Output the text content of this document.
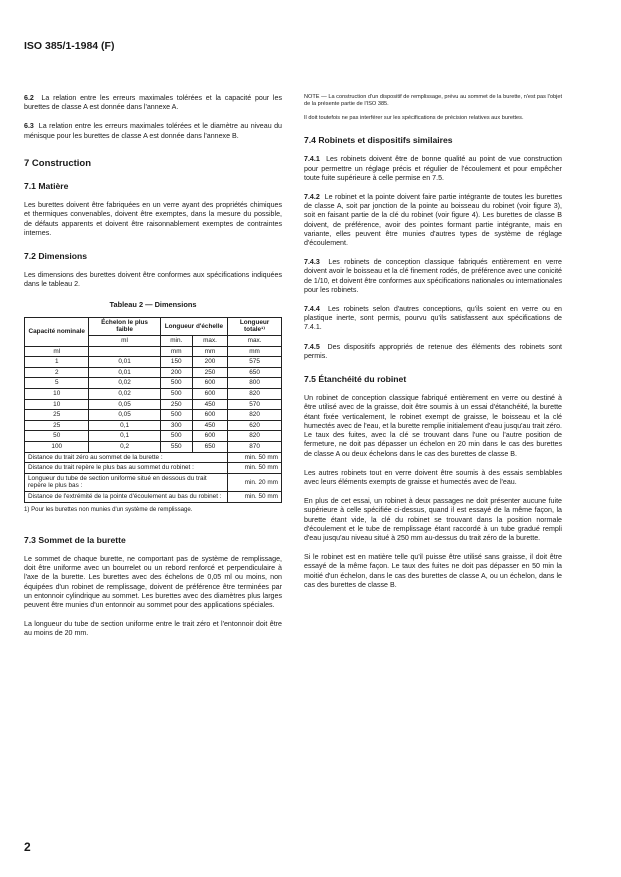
ISO 385/1-1984 (F)

6.2 La relation entre les erreurs maximales tolérées et la capacité pour les burettes de classe A est donnée dans l'annexe A.

6.3 La relation entre les erreurs maximales tolérées et le diamètre au niveau du ménisque pour les burettes de classe A est donnée dans l'annexe B.

7 Construction
7.1 Matière

Les burettes doivent être fabriquées en un verre ayant des propriétés chimiques et thermiques convenables, doivent être exemptes, dans la mesure du possible, de défauts apparents et doivent être raisonnablement exemptes de contraintes internes.

7.2 Dimensions

Les dimensions des burettes doivent être conformes aux spécifications indiquées dans le tableau 2.

Tableau 2 — Dimensions
Capacité nominale	Échelon le plus faible	Longueur d'échelle		Longueur totale¹⁾
	ml	min.	max.	max.
ml		mm	mm	mm
1	0,01	150	200	575
2	0,01	200	250	650
5	0,02	500	600	800
10	0,02	500	600	820
10	0,05	250	450	570
25	0,05	500	600	820
25	0,1	300	450	620
50	0,1	500	600	820
100	0,2	550	650	870
Distance du trait zéro au sommet de la burette :				min. 50 mm
Distance du trait repère le plus bas au sommet du robinet :				min. 50 mm
Longueur du tube de section uniforme situé en dessous du trait repère le plus bas :				min. 20 mm
Distance de l'extrémité de la pointe d'écoulement au bas du robinet :				min. 50 mm
1) Pour les burettes non munies d'un système de remplissage.
7.3 Sommet de la burette

Le sommet de chaque burette, ne comportant pas de système de remplissage, doit être uniforme avec un bourrelet ou un rebord renforcé et perpendiculaire à l'axe de la burette. Les burettes avec des échelons de 0,05 ml ou moins, non équipées d'un robinet de remplissage, doivent de préférence être terminées par un entonnoir cylindrique au sommet. Les burettes avec des diamètres plus larges peuvent être munies d'un entonnoir au sommet pour des applications spéciales.

La longueur du tube de section uniforme entre le trait zéro et l'entonnoir doit être au moins de 20 mm.

NOTE — La construction d'un dispositif de remplissage, prévu au sommet de la burette, n'est pas l'objet de la présente partie de l'ISO 385.
Il doit toutefois ne pas interférer sur les spécifications de précision relatives aux burettes.
7.4 Robinets et dispositifs similaires

7.4.1 Les robinets doivent être de bonne qualité au point de vue construction pour permettre un réglage précis et régulier de l'écoulement et pour empêcher toute fuite supérieure à celle permise en 7.5.

7.4.2 Le robinet et la pointe doivent faire partie intégrante de toutes les burettes de classe A, soit par jonction de la pointe au boisseau du robinet (voir figure 3), soit en faisant partie de la clé du robinet (voir figure 4). Les burettes de classe B doivent, de préférence, avoir des pointes formant partie intégrante, mais en variante, elles peuvent être munies d'autres types de système de réglage d'écoulement.

7.4.3 Les robinets de conception classique fabriqués entièrement en verre doivent avoir le boisseau et la clé finement rodés, de préférence avec une conicité de 1/10, et doivent être conformes aux spécifications nationales ou internationales pour les robinets.

7.4.4 Les robinets selon d'autres conceptions, qu'ils soient en verre ou en plastique inerte, sont permis, pourvu qu'ils satisfassent aux spécifications de 7.4.1.

7.4.5 Des dispositifs appropriés de retenue des éléments des robinets sont permis.

7.5 Étanchéité du robinet

Un robinet de conception classique fabriqué entièrement en verre ou destiné à être utilisé avec de la graisse, doit être soumis à un essai d'étanchéité, la burette étant fixée verticalement, le robinet exempt de graisse, le boisseau et la clé humectés avec de l'eau, et la burette remplie initialement d'eau jusqu'au trait zéro. Le taux des fuites, avec la clé se trouvant dans l'une ou l'autre position de fermeture, ne doit pas dépasser un échelon en 20 min dans le cas des burettes de classe A ou deux échelons dans le cas des burettes de classe B.

Les autres robinets tout en verre doivent être soumis à des essais semblables avec leurs éléments exempts de graisse et humectés avec de l'eau.

En plus de cet essai, un robinet à deux passages ne doit présenter aucune fuite supérieure à celle spécifiée ci-dessus, quand il est essayé de la même façon, la burette étant vide, la clé du robinet se trouvant dans la position normale d'écoulement et le tube de remplissage étant raccordé à un tube gradué rempli d'eau jusqu'au niveau situé à 250 mm au-dessus du trait zéro de la burette.

Si le robinet est en matière telle qu'il puisse être utilisé sans graisse, il doit être essayé de la même façon. Le taux des fuites ne doit pas dépasser en 50 min la moitié d'un échelon, dans le cas des burettes de classe A, ou un échelon, dans le cas des burettes de classe B.

2
